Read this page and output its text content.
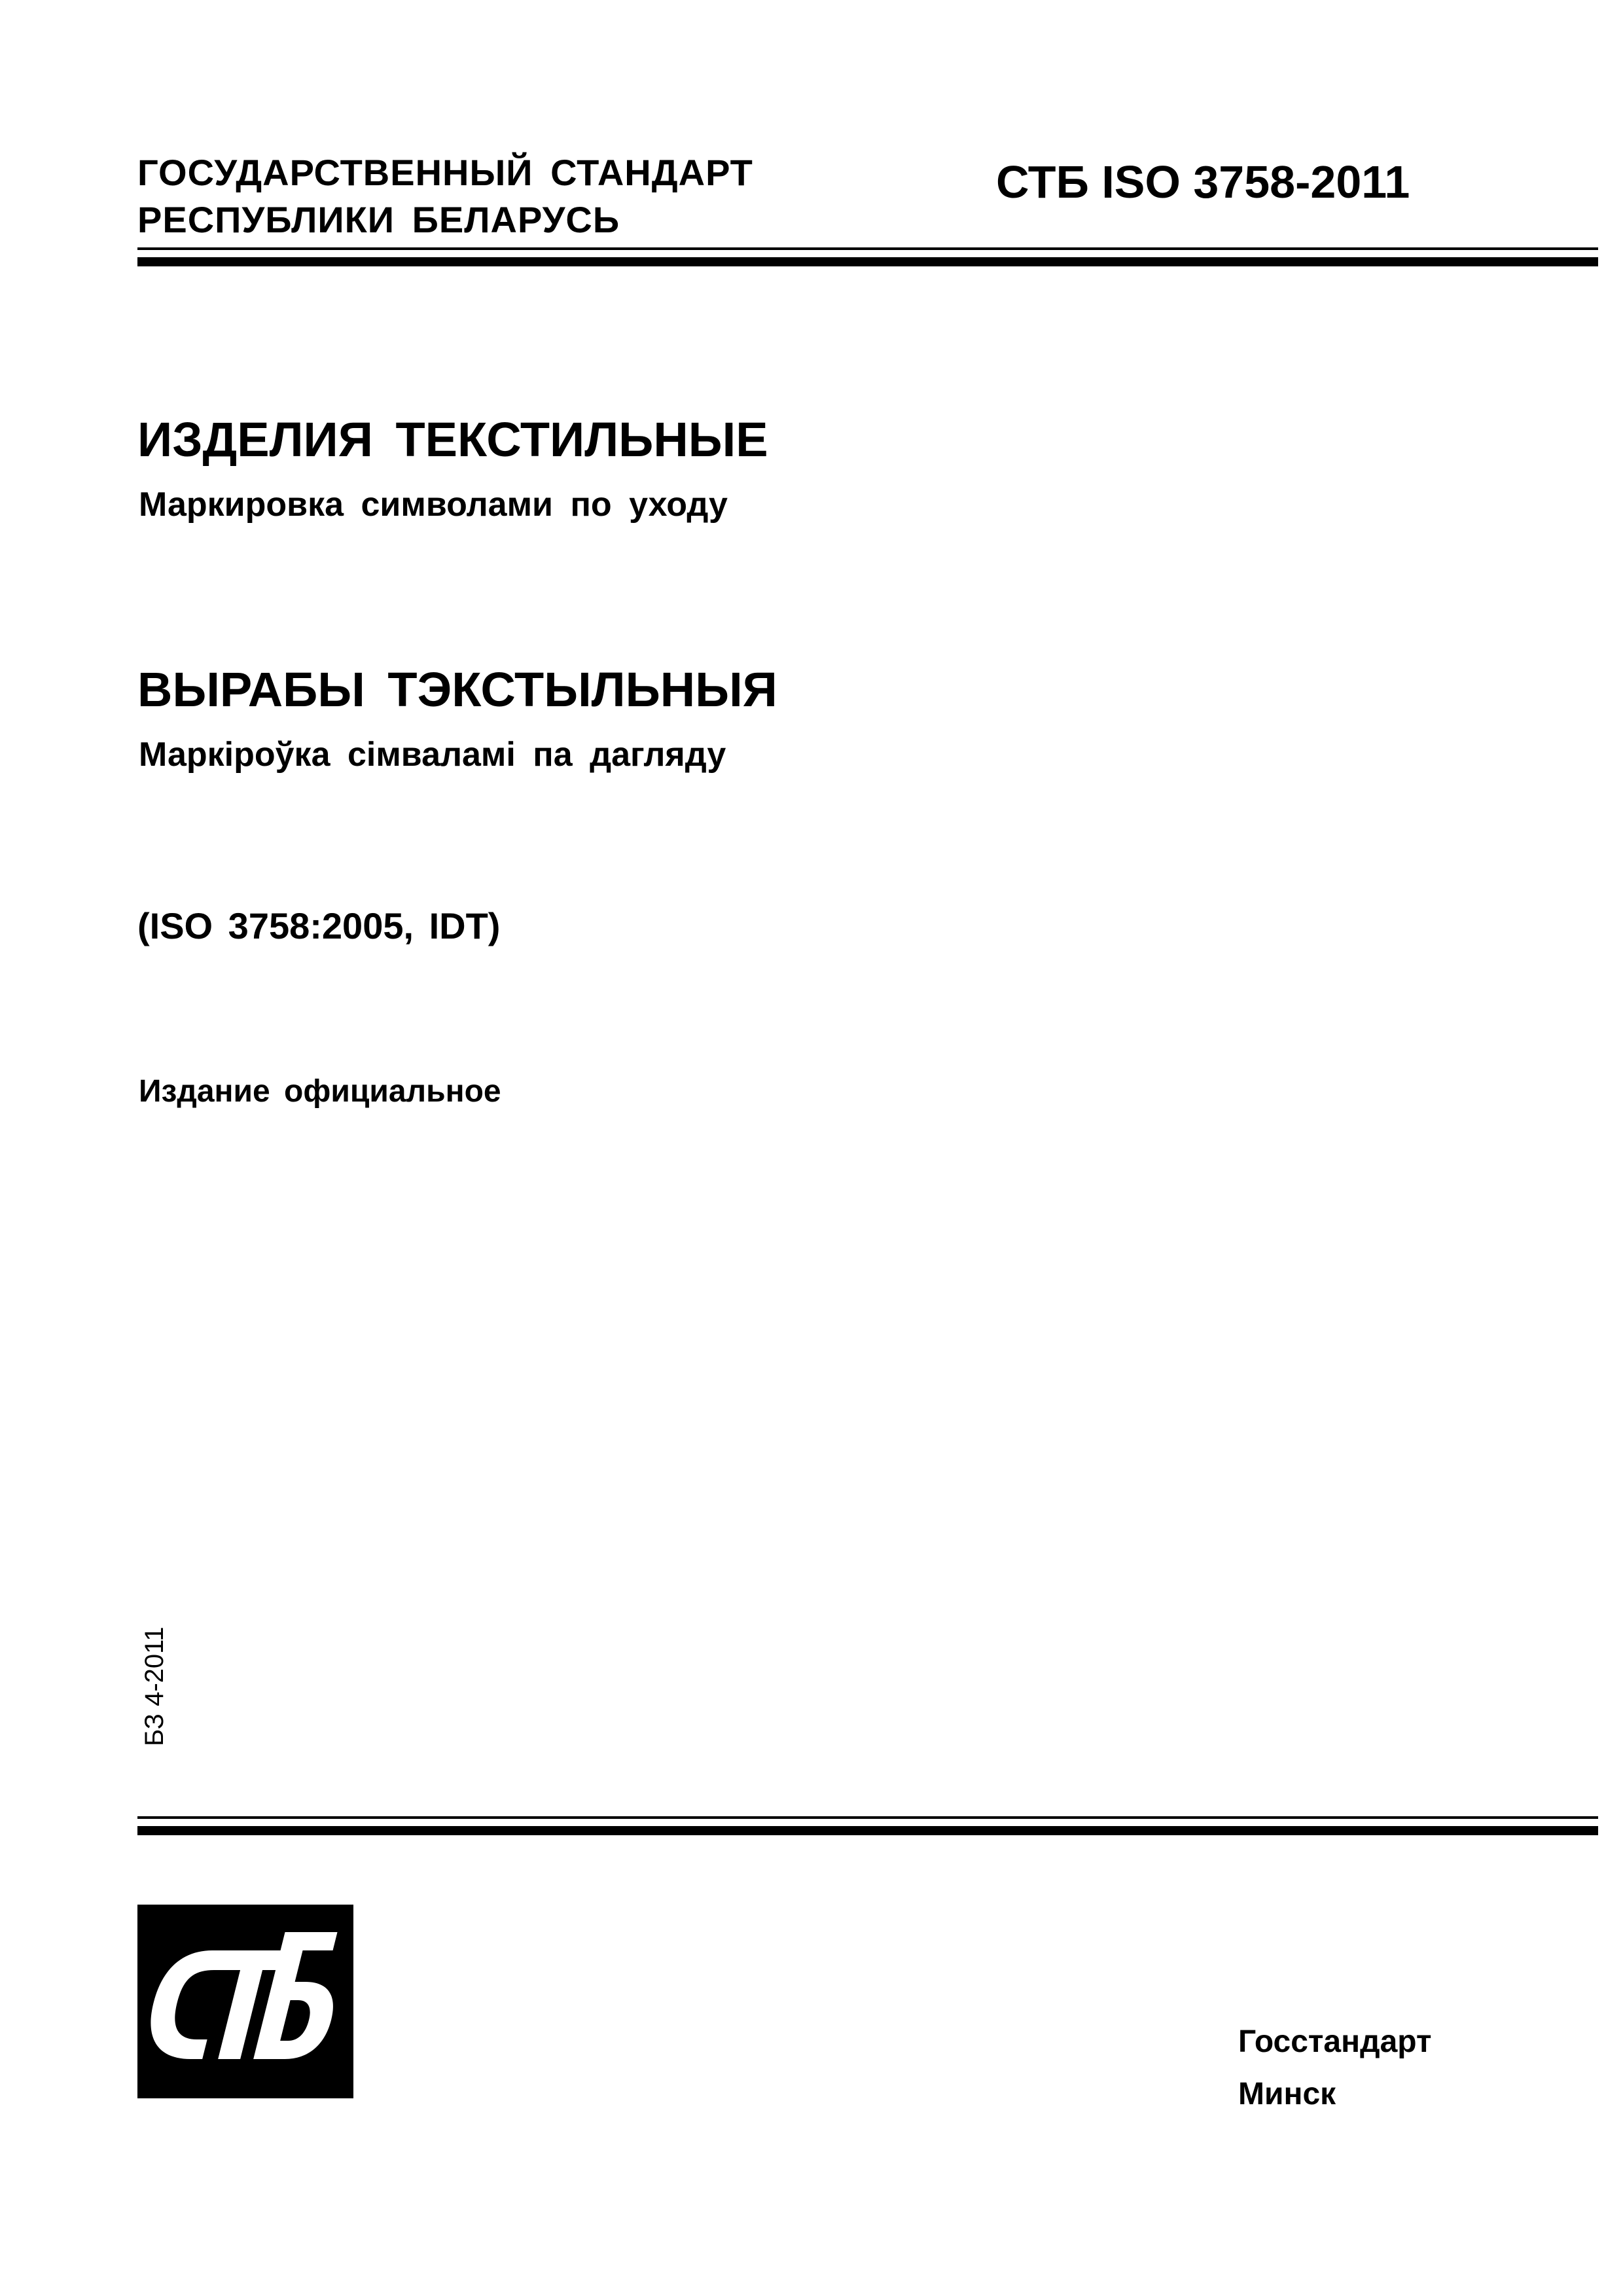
ГОСУДАРСТВЕННЫЙ СТАНДАРТ
РЕСПУБЛИКИ БЕЛАРУСЬ
СТБ ISO 3758-2011
ИЗДЕЛИЯ ТЕКСТИЛЬНЫЕ
Маркировка символами по уходу
ВЫРАБЫ ТЭКСТЫЛЬНЫЯ
Маркіроўка сімваламі па дагляду
(ISO 3758:2005, IDT)
Издание официальное
БЗ 4-2011
Госстандарт
Минск
